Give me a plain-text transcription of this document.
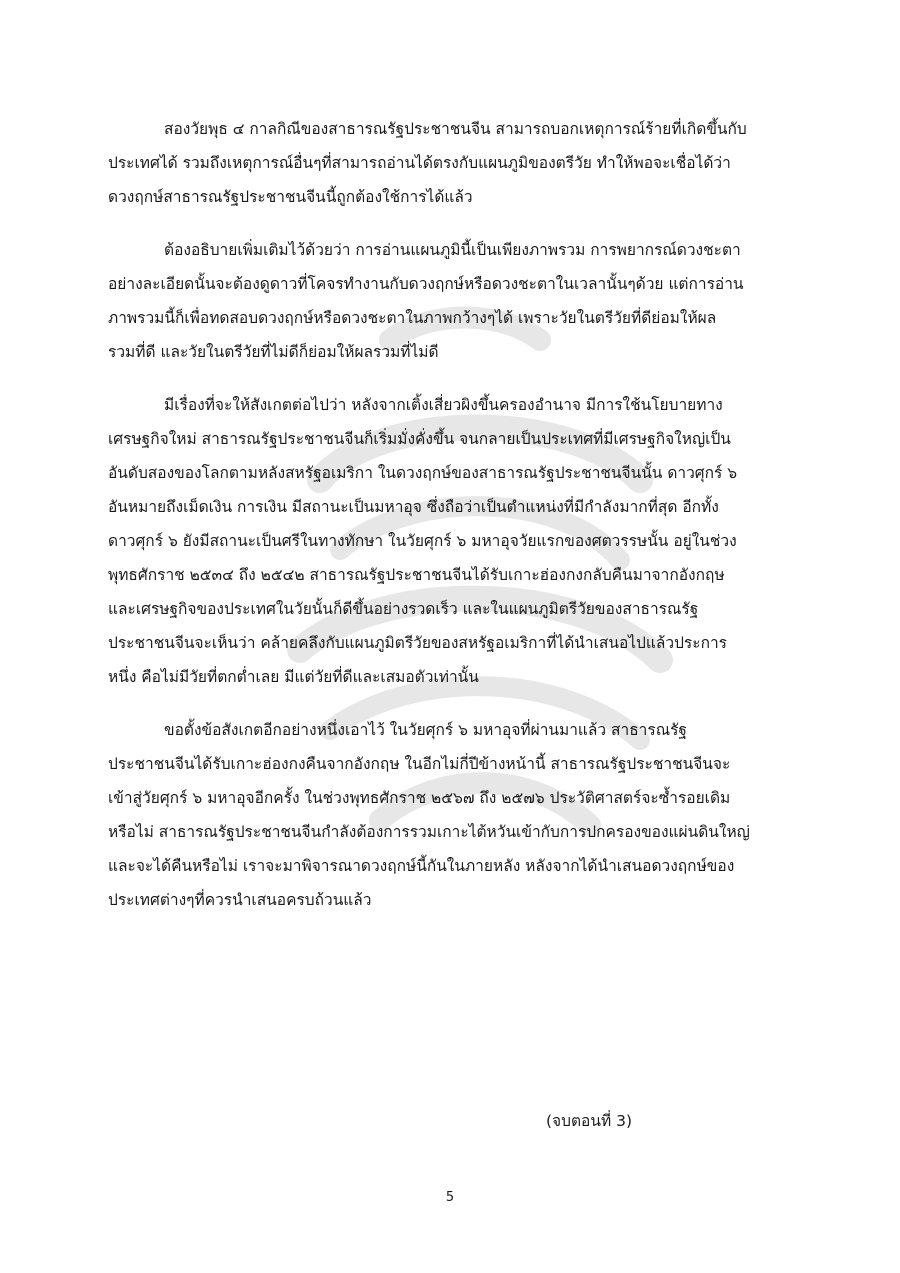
สองวัยพุธ ๔ กาลกิณีของสาธารณรัฐประชาชนจีน สามารถบอกเหตุการณ์ร้ายที่เกิดขึ้นกับ
ประเทศได้ รวมถึงเหตุการณ์อื่นๆที่สามารถอ่านได้ตรงกับแผนภูมิของตรีวัย ทำให้พอจะเชื่อได้ว่า
ดวงฤกษ์สาธารณรัฐประชาชนจีนนี้ถูกต้องใช้การได้แล้ว
ต้องอธิบายเพิ่มเติมไว้ด้วยว่า การอ่านแผนภูมินี้เป็นเพียงภาพรวม การพยากรณ์ดวงชะตา
อย่างละเอียดนั้นจะต้องดูดาวที่โคจรทำงานกับดวงฤกษ์หรือดวงชะตาในเวลานั้นๆด้วย แต่การอ่าน
ภาพรวมนี้ก็เพื่อทดสอบดวงฤกษ์หรือดวงชะตาในภาพกว้างๆได้ เพราะวัยในตรีวัยที่ดีย่อมให้ผล
รวมที่ดี และวัยในตรีวัยที่ไม่ดีก็ย่อมให้ผลรวมที่ไม่ดี
มีเรื่องที่จะให้สังเกตต่อไปว่า หลังจากเติ้งเสี่ยวผิงขึ้นครองอำนาจ มีการใช้นโยบายทาง
เศรษฐกิจใหม่ สาธารณรัฐประชาชนจีนก็เริ่มมั่งคั่งขึ้น จนกลายเป็นประเทศที่มีเศรษฐกิจใหญ่เป็น
อันดับสองของโลกตามหลังสหรัฐอเมริกา ในดวงฤกษ์ของสาธารณรัฐประชาชนจีนนั้น ดาวศุกร์ ๖
อันหมายถึงเม็ดเงิน การเงิน มีสถานะเป็นมหาอุจ ซึ่งถือว่าเป็นตำแหน่งที่มีกำลังมากที่สุด อีกทั้ง
ดาวศุกร์ ๖ ยังมีสถานะเป็นศรีในทางทักษา ในวัยศุกร์ ๖ มหาอุจวัยแรกของศตวรรษนั้น อยู่ในช่วง
พุทธศักราช ๒๕๓๔ ถึง ๒๕๔๒ สาธารณรัฐประชาชนจีนได้รับเกาะฮ่องกงกลับคืนมาจากอังกฤษ
และเศรษฐกิจของประเทศในวัยนั้นก็ดีขึ้นอย่างรวดเร็ว และในแผนภูมิตรีวัยของสาธารณรัฐ
ประชาชนจีนจะเห็นว่า คล้ายคลึงกับแผนภูมิตรีวัยของสหรัฐอเมริกาที่ได้นำเสนอไปแล้วประการ
หนึ่ง คือไม่มีวัยที่ตกต่ำเลย มีแต่วัยที่ดีและเสมอตัวเท่านั้น
ขอตั้งข้อสังเกตอีกอย่างหนึ่งเอาไว้ ในวัยศุกร์ ๖ มหาอุจที่ผ่านมาแล้ว สาธารณรัฐ
ประชาชนจีนได้รับเกาะฮ่องกงคืนจากอังกฤษ ในอีกไม่กี่ปีข้างหน้านี้ สาธารณรัฐประชาชนจีนจะ
เข้าสู่วัยศุกร์ ๖ มหาอุจอีกครั้ง ในช่วงพุทธศักราช ๒๕๖๗ ถึง ๒๕๗๖ ประวัติศาสตร์จะซ้ำรอยเดิม
หรือไม่ สาธารณรัฐประชาชนจีนกำลังต้องการรวมเกาะไต้หวันเข้ากับการปกครองของแผ่นดินใหญ่
และจะได้คืนหรือไม่ เราจะมาพิจารณาดวงฤกษ์นี้กันในภายหลัง หลังจากได้นำเสนอดวงฤกษ์ของ
ประเทศต่างๆที่ควรนำเสนอครบถ้วนแล้ว
(จบตอนที่ 3)
5
